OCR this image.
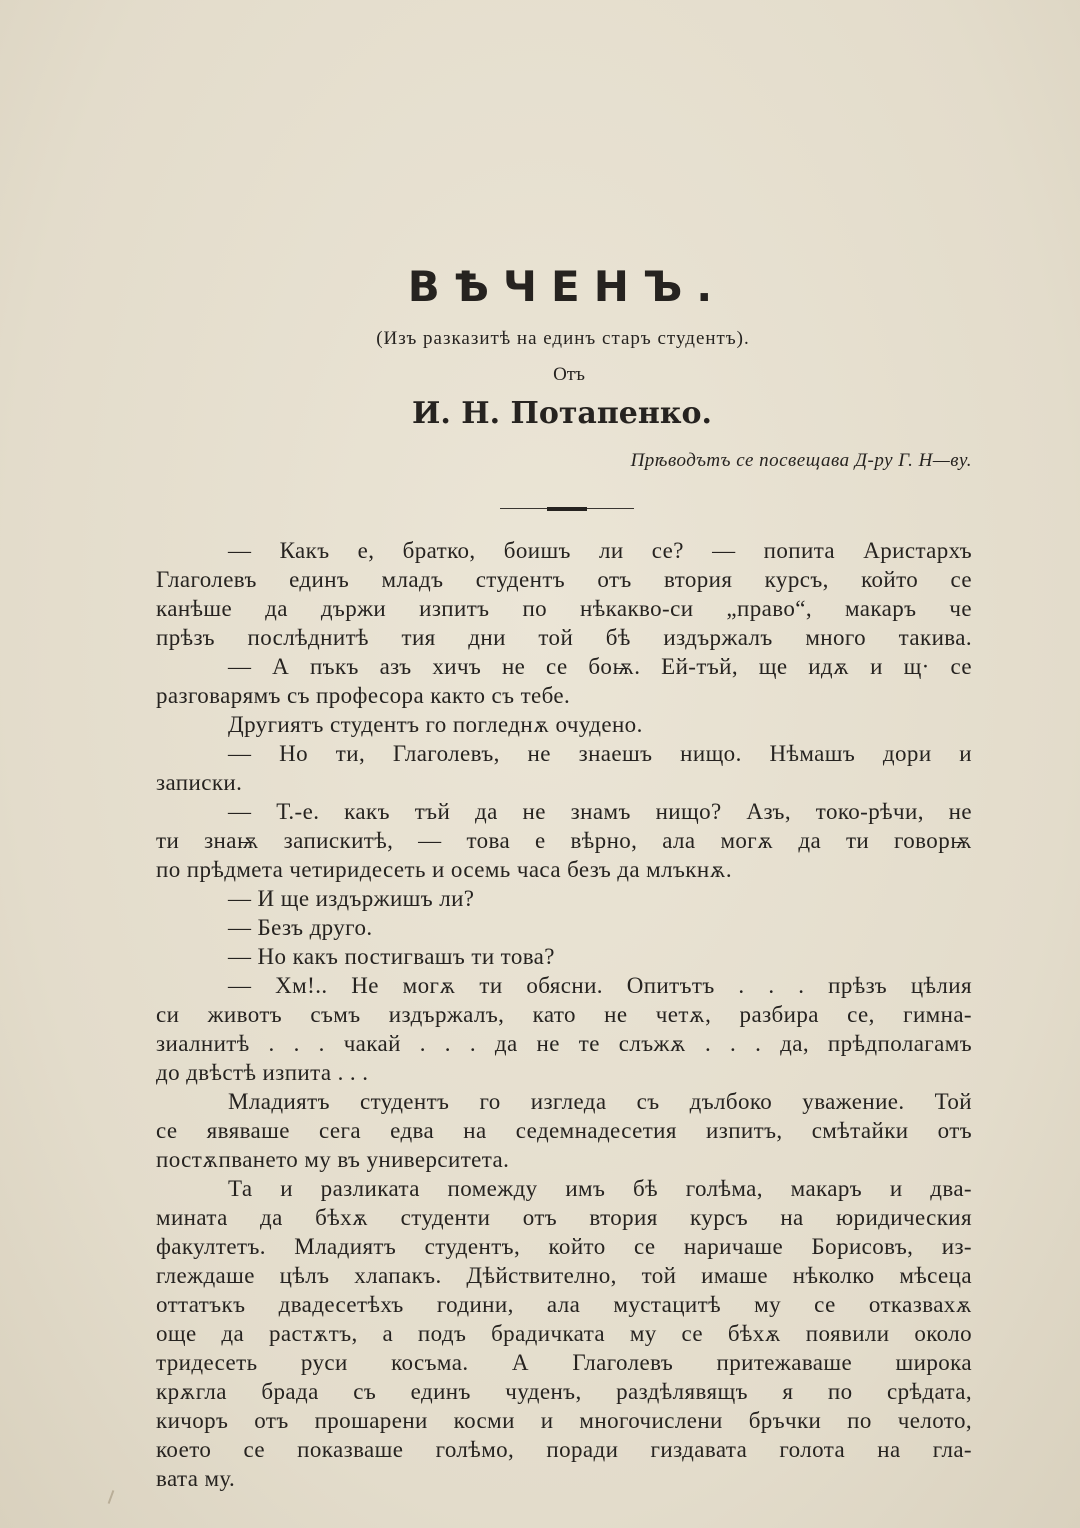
ВѢЧЕНЪ.
(Изъ разказитѣ на единъ старъ студентъ).
Отъ
И. Н. Потапенко.
Прѣводътъ се посвещава Д-ру Г. Н—ву.
— Какъ е, братко, боишъ ли се? — попита Аристархъ
Глаголевъ единъ младъ студентъ отъ втория курсъ, който се
канѣше да държи изпитъ по нѣкакво-си „право“, макаръ че
прѣзъ послѣднитѣ тия дни той бѣ издържалъ много такива.
— А пъкъ азъ хичъ не се боѭ. Ей-тъй, ще идѫ и щ· се
разговарямъ съ професора както съ тебе.
Другиятъ студентъ го погледнѫ очудено.
— Но ти, Глаголевъ, не знаешъ нищо. Нѣмашъ дори и
записки.
— Т.-е. какъ тъй да не знамъ нищо? Азъ, токо-рѣчи, не
ти знаѭ запискитѣ, — това е вѣрно, ала могѫ да ти говорѭ
по прѣдмета четиридесеть и осемь часа безъ да млъкнѫ.
— И ще издържишъ ли?
— Безъ друго.
— Но какъ постигвашъ ти това?
— Хм!.. Не могѫ ти обясни. Опитътъ . . . прѣзъ цѣлия
си животъ съмъ издържалъ, като не четѫ, разбира се, гимна-
зиалнитѣ . . . чакай . . . да не те слъжѫ . . . да, прѣдполагамъ
до двѣстѣ изпита . . .
Младиятъ студентъ го изгледа съ дълбоко уважение. Той
се явяваше сега едва на седемнадесетия изпитъ, смѣтайки отъ
постѫпването му въ университета.
Та и разликата помежду имъ бѣ голѣма, макаръ и два-
мината да бѣхѫ студенти отъ втория курсъ на юридическия
факултетъ. Младиятъ студентъ, който се наричаше Борисовъ, из-
глеждаше цѣлъ хлапакъ. Дѣйствително, той имаше нѣколко мѣсеца
оттатъкъ двадесетѣхъ години, ала мустацитѣ му се отказвахѫ
още да растѫтъ, а подъ брадичката му се бѣхѫ появили около
тридесеть руси косъма. А Глаголевъ притежаваше широка
крѫгла брада съ единъ чуденъ, раздѣлявящъ я по срѣдата,
кичоръ отъ прошарени косми и многочислени бръчки по челото,
което се показваше голѣмо, поради гиздавата голота на гла-
вата му.
